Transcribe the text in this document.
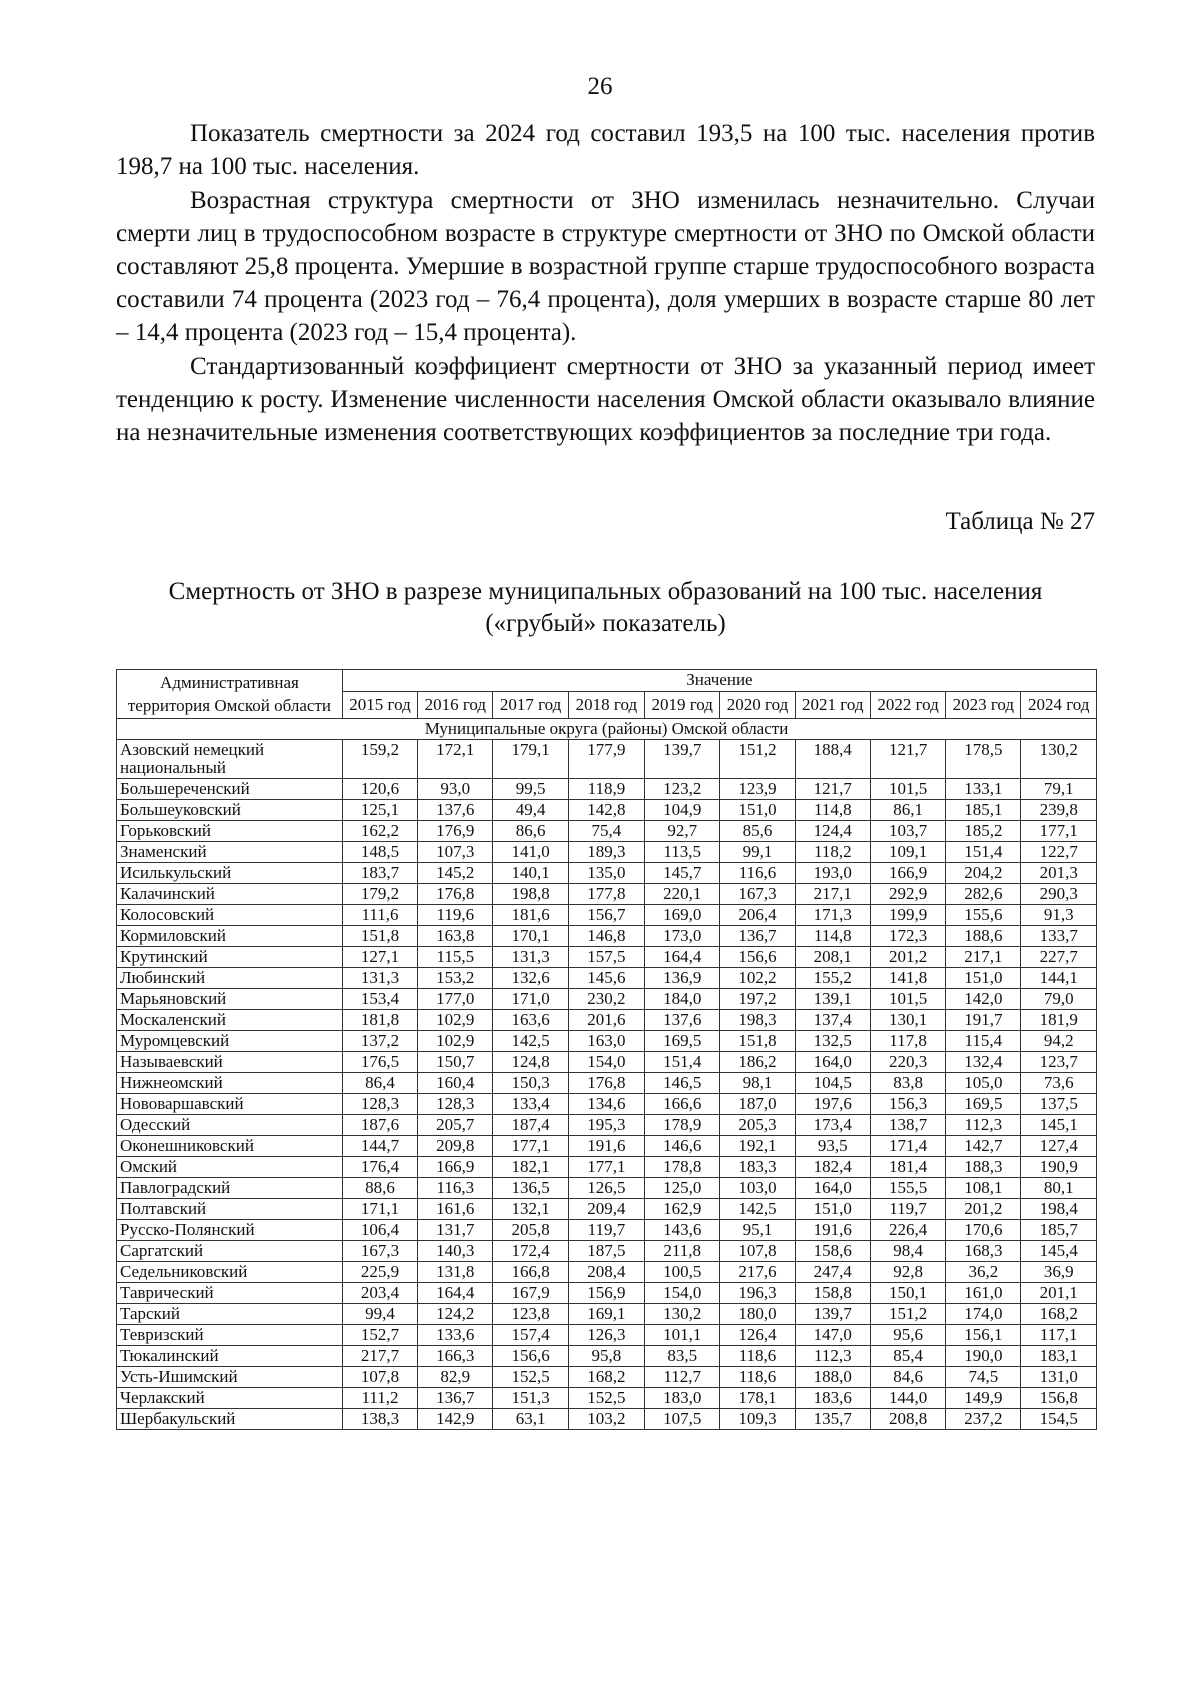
26

Показатель смертности за 2024 год составил 193,5 на 100 тыс. населения против 198,7 на 100 тыс. населения.

Возрастная структура смертности от ЗНО изменилась незначительно. Случаи смерти лиц в трудоспособном возрасте в структуре смертности от ЗНО по Омской области составляют 25,8 процента. Умершие в возрастной группе старше трудоспособного возраста составили 74 процента (2023 год – 76,4 процента), доля умерших в возрасте старше 80 лет – 14,4 процента (2023 год – 15,4 процента).

Стандартизованный коэффициент смертности от ЗНО за указанный период имеет тенденцию к росту. Изменение численности населения Омской области оказывало влияние на незначительные изменения соответствующих коэффициентов за последние три года.

Таблица № 27

Смертность от ЗНО в разрезе муниципальных образований на 100 тыс. населения
(«грубый» показатель)
Административная территория Омской области	Значение									
	2015 год	2016 год	2017 год	2018 год	2019 год	2020 год	2021 год	2022 год	2023 год	2024 год
Муниципальные округа (районы) Омской области										
Азовский немецкий национальный	159,2	172,1	179,1	177,9	139,7	151,2	188,4	121,7	178,5	130,2
Большереченский	120,6	93,0	99,5	118,9	123,2	123,9	121,7	101,5	133,1	79,1
Большеуковский	125,1	137,6	49,4	142,8	104,9	151,0	114,8	86,1	185,1	239,8
Горьковский	162,2	176,9	86,6	75,4	92,7	85,6	124,4	103,7	185,2	177,1
Знаменский	148,5	107,3	141,0	189,3	113,5	99,1	118,2	109,1	151,4	122,7
Исилькульский	183,7	145,2	140,1	135,0	145,7	116,6	193,0	166,9	204,2	201,3
Калачинский	179,2	176,8	198,8	177,8	220,1	167,3	217,1	292,9	282,6	290,3
Колосовский	111,6	119,6	181,6	156,7	169,0	206,4	171,3	199,9	155,6	91,3
Кормиловский	151,8	163,8	170,1	146,8	173,0	136,7	114,8	172,3	188,6	133,7
Крутинский	127,1	115,5	131,3	157,5	164,4	156,6	208,1	201,2	217,1	227,7
Любинский	131,3	153,2	132,6	145,6	136,9	102,2	155,2	141,8	151,0	144,1
Марьяновский	153,4	177,0	171,0	230,2	184,0	197,2	139,1	101,5	142,0	79,0
Москаленский	181,8	102,9	163,6	201,6	137,6	198,3	137,4	130,1	191,7	181,9
Муромцевский	137,2	102,9	142,5	163,0	169,5	151,8	132,5	117,8	115,4	94,2
Называевский	176,5	150,7	124,8	154,0	151,4	186,2	164,0	220,3	132,4	123,7
Нижнеомский	86,4	160,4	150,3	176,8	146,5	98,1	104,5	83,8	105,0	73,6
Нововаршавский	128,3	128,3	133,4	134,6	166,6	187,0	197,6	156,3	169,5	137,5
Одесский	187,6	205,7	187,4	195,3	178,9	205,3	173,4	138,7	112,3	145,1
Оконешниковский	144,7	209,8	177,1	191,6	146,6	192,1	93,5	171,4	142,7	127,4
Омский	176,4	166,9	182,1	177,1	178,8	183,3	182,4	181,4	188,3	190,9
Павлоградский	88,6	116,3	136,5	126,5	125,0	103,0	164,0	155,5	108,1	80,1
Полтавский	171,1	161,6	132,1	209,4	162,9	142,5	151,0	119,7	201,2	198,4
Русско-Полянский	106,4	131,7	205,8	119,7	143,6	95,1	191,6	226,4	170,6	185,7
Саргатский	167,3	140,3	172,4	187,5	211,8	107,8	158,6	98,4	168,3	145,4
Седельниковский	225,9	131,8	166,8	208,4	100,5	217,6	247,4	92,8	36,2	36,9
Таврический	203,4	164,4	167,9	156,9	154,0	196,3	158,8	150,1	161,0	201,1
Тарский	99,4	124,2	123,8	169,1	130,2	180,0	139,7	151,2	174,0	168,2
Тевризский	152,7	133,6	157,4	126,3	101,1	126,4	147,0	95,6	156,1	117,1
Тюкалинский	217,7	166,3	156,6	95,8	83,5	118,6	112,3	85,4	190,0	183,1
Усть-Ишимский	107,8	82,9	152,5	168,2	112,7	118,6	188,0	84,6	74,5	131,0
Черлакский	111,2	136,7	151,3	152,5	183,0	178,1	183,6	144,0	149,9	156,8
Шербакульский	138,3	142,9	63,1	103,2	107,5	109,3	135,7	208,8	237,2	154,5
